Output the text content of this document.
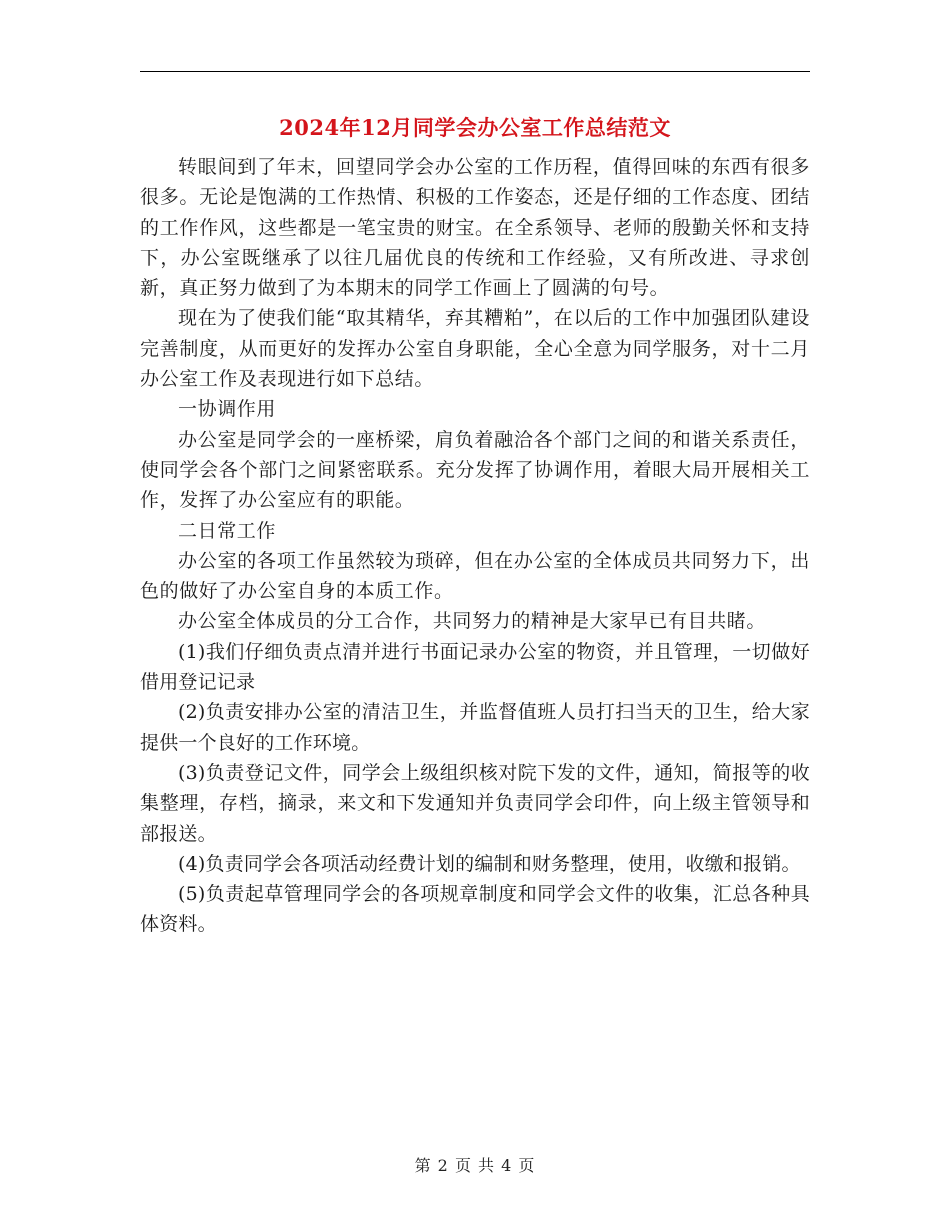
2024年12月同学会办公室工作总结范文

转眼间到了年末，回望同学会办公室的工作历程，值得回味的东西有很多很多。无论是饱满的工作热情、积极的工作姿态，还是仔细的工作态度、团结的工作作风，这些都是一笔宝贵的财宝。在全系领导、老师的殷勤关怀和支持下，办公室既继承了以往几届优良的传统和工作经验，又有所改进、寻求创新，真正努力做到了为本期末的同学工作画上了圆满的句号。

现在为了使我们能“取其精华，弃其糟粕”，在以后的工作中加强团队建设完善制度，从而更好的发挥办公室自身职能，全心全意为同学服务，对十二月办公室工作及表现进行如下总结。

一协调作用

办公室是同学会的一座桥梁，肩负着融洽各个部门之间的和谐关系责任，使同学会各个部门之间紧密联系。充分发挥了协调作用，着眼大局开展相关工作，发挥了办公室应有的职能。

二日常工作

办公室的各项工作虽然较为琐碎，但在办公室的全体成员共同努力下，出色的做好了办公室自身的本质工作。

办公室全体成员的分工合作，共同努力的精神是大家早已有目共睹。

(1)我们仔细负责点清并进行书面记录办公室的物资，并且管理，一切做好借用登记记录

(2)负责安排办公室的清洁卫生，并监督值班人员打扫当天的卫生，给大家提供一个良好的工作环境。

(3)负责登记文件，同学会上级组织核对院下发的文件，通知，简报等的收集整理，存档，摘录，来文和下发通知并负责同学会印件，向上级主管领导和部报送。

(4)负责同学会各项活动经费计划的编制和财务整理，使用，收缴和报销。

(5)负责起草管理同学会的各项规章制度和同学会文件的收集，汇总各种具体资料。

第 2 页 共 4 页
